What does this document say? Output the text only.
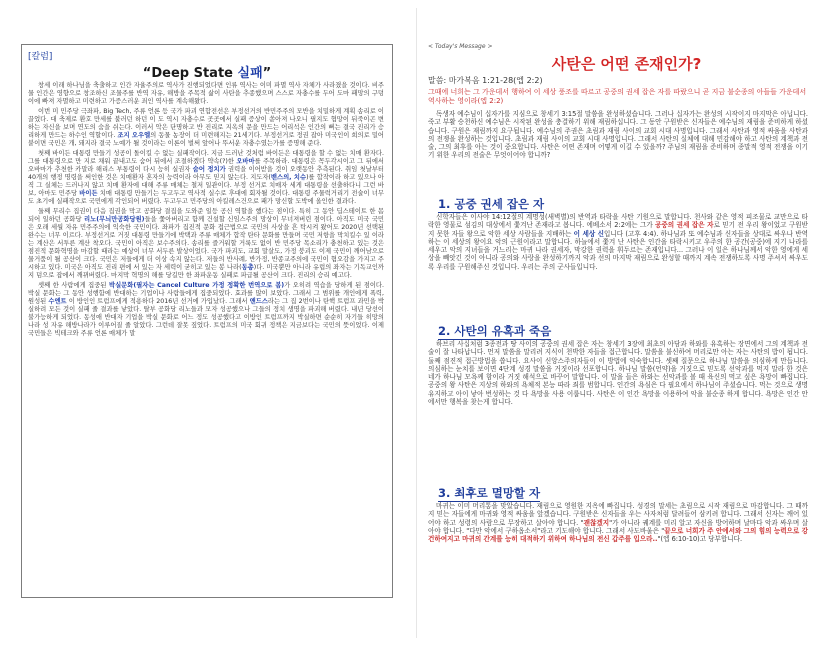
[칼럼]
“Deep State 실패”

창세 이래 하나님을 축출하고 인간 자율주의로 역사가 진행되었다면 인류 역사는 이미 파멸 역사 자체가 사라졌을 것이다. 비주물 인간은 영향으로 창조하신 조물주를 반역 자유, 해방을 주목적 삶이 사탄을 추종했으며 스스로 자충수를 두어 도마 패망의 구덩이에 빠져 자멸하고 미련하고 가증스러운 죄인 역사를 계속해왔다.

이번 미 민주당 극좌파, Big Tech, 주류 언론 등 국가 파괴 연합전선은 부정선거의 반민주주의 모반을 치밀하게 계획 송리로 이끌었다. 대 축제로 환호 만세를 불러던 하던 이 도 역시 자충수로 곳곳에서 실패 증상이 쏟아져 나오니 필지도 협망이 뒤죽이곤 변하는 자신을 보며 연도의 숨을 쉬는다. 이러서 악은 단명하고 반 진리로 지옥의 문을 만드는 어리석은 인간의 뻐는 결국 진리가 승리하게 만드는 하수인 역할이다. 조지 오우엘의 동물 농장이 더 미련해지는 21세기다. 부정선거로 정권 잡아 미국인이 희의로 밀어붙이면 국민은 개, 돼지라 결국 노예가 될 것이라는 이론이 벌써 앞어나 뚜서운 자충수였는가를 증명해 준다.

첫째 바이든 대통령 만들기 성공이 돌이킬 수 없는 실패작이다. 지금 드러난 것처럼 바이든은 대통령을 할 수 없는 치매 환자다. 그를 대통령으로 만 지로 채워 끝내고도 숨어 뒤에서 조절하겠다 약속(?)한 오바마를 주목하라. 대통령은 꼭두각시이고 그 뒤에서 오바마가 추천한 카말라 해리스 부통령이 다시 능히 실권자 숨어 정치가 권력을 이어받을 것이 오랫동안 추측된다. 취임 첫날부터 40개의 행정 명령을 써인한 것은 치매환자 혼자의 능력이라 아무도 믿지 않는다. 지도자(밴스의, 치슈)를 합작이라 하고 있으나 아직 그 실체는 드러나지 않고 치매 환자에 대해 주류 매체는 철저 일관이다. 부정 선거로 치매자 세게 대통령을 선출하다니 그런 바보, 아마도 민주당 바이든 치매 대통령 만들기는 두고두고 역사적 실수로 후대에 회자될 것이다. 대통령 주물럭거리기 전술이 너무도 초기에 실패작으로 국민에게 각인되어 버렸다. 두고두고 민주당의 아킬레스건으로 패가 망신할 도박에 올인한 결과다.

둘째 무리수 집권이 다음 집권을 막고 공화당 결집을 도와준 일등 공신 역할을 했다는 점이다. 특히 그 동안 딥스테이트 한 몸 되어 일하던 공화당 리노(무늬만공화당원)들을 쫓아버리고 함께 건설할 신임스주의 망상이 무너져버린 점이다. 아직도 미국 국민은 오래 세월 자유 민주주의에 익숙한 국민이다. 좌파가 집진적 문화 접근법으로 국민의 사상을 흔 탁시켜 왔어도 2020년 선택된 완수는 너무 이르다. 부정선거로 거짓 대통령 만들기에 박택과 주류 매체가 합작 탄타 문화를 만들며 국민 저항을 막치킬수 있 이라는 계산은 서투른 계산 착오다. 국민이 아직은 보수주의다. 송리를 즐거워할 거룩도 없이 반 민주당 목소리가 충천하고 있는 것은 점진적 문화혁명을 마감할 때라는 예상이 너무 서두른 발상이었다. 국가 파괴도, 교회 말살도, 가정 붕괴도 이제 국민이 깨어남으로 물거품이 될 공산이 크다. 국민은 저들에게 더 이상 속지 않는다. 저들의 반사례, 반가정, 반종교주의에 국민이 혐오감을 가지고 주시하고 있다. 미국은 아직도 진리 편에 서 있는 자 세력이 굳히고 있는 봉 나라(동총)다. 미국뿐만 아니라 유럽의 좌자는 기독교인까지 덤으로 잡에서 깨뀌버렸다. 마지막 혁명의 해를 당길만 한 좌파운동 실패로 파급될 공산이 크다. 진리의 승리 예고다.

셋째 한 사람에게 집중된 박실문화(필자는 Cancel Culture 가정 정확한 번역으로 봄)가 오히려 역습을 당하게 된 점이다. 박실 문화는 그 동안 성행함에 반대하는 기업이나 사람들에게 집중되었다. 효과를 많이 보았다. 그래서 그 범위를 개인에게 폭력, 원성된 수엔트 이 방인인 트럼프에게 적용하다 2016년 선거에 가입났다. 그래서 앤드스라는 그 집 2번이나 탄핵 트럼프 과민을 박실하려 모든 것이 실패 줄 결과를 낳았다. 탈부 공화당 리노들과 모자 성공했으나 그들의 정치 생명을 파괴해 버렸다. 내년 당선이 불가능하게 되었다. 동성애 반대자 기업을 박실 문화로 어느 정도 성공했다고 이방인 트럼프까지 박실하면 순순히 자기들 히망의 나라 성 자유 해방나라가 이루어질 줄 알았다. 그런데 잘못 짚었다. 트럼프의 미국 회귀 정책은 지금보다는 국민의 뜻이었다. 이제 국민들은 빅테크와 주류 언론 매체가 말

< Today's Message >
사탄은 어떤 존재인가?
말씀: 마가복음 1:21-28(엡 2:2)
그때에 너희는 그 가운데서 행하여 이 세상 풍조를 따르고 공중의 권세 잡은 자를 따랐으니 곧 지금 불순종의 아들들 가운데서 역사하는 영이라(엡 2:2)

독생자 예수님이 십자가를 지심으로 창세기 3:15절 말씀을 완성하셨습니다. 그러나 십자가는 완성의 시작이지 마지막은 아닙니다. 죽고 부활 승천하신 예수님은 시작된 완성을 충결하기 위해 재림하십니다. 그 동안 구원받은 신자들은 예수님의 재림을 준비하게 하셨습니다. 구원은 재림까지 요구됩니다. 예수님의 주권은 초림과 재림 사이의 교회 시대 사명입니다. 그래서 사탄과 영적 싸움을 사탄과의 전쟁을 완성하는 것입니다. 초림과 재림 사이의 교회 시대 사명입니다. 그래서 사탄의 실체에 대해 민감해야 하고 사탄의 계책과 전술, 그의 최후를 아는 것이 중요합니다. 사탄은 어떤 존재며 어떻게 이길 수 있을까? 주님의 재림을 준비하며 종말적 영적 전쟁을 이기기 위한 우리의 전술은 무엇이어야 합니까?

1. 공중 권세 잡은 자

신학자들은 이사야 14:12절의 계명성(새벽별)의 반역과 타락을 사탄 기원으로 말합니다. 천사와 같은 영적 피조물로 교만으로 타락한 영물로 섬김의 대상에서 쫓겨난 존재라고 봅니다. 에베소서 2:2에는 그가 공중의 권세 잡은 자로 믿기 전 우리 왕이었고 구원받지 못한 자들 왕으로 악한 세상 사람들을 지배하는 이 세상 신입니다 (고후 4:4). 하나님과 또 예수님과 신자들을 상대로 싸우나 반역하는 이 세상의 왕이요 악의 근원이라고 말합니다. 하늘에서 쫓겨 난 사탄은 인간을 타락시키고 우주의 한 공간(공중)에 지기 나라를 세우고 악의 지녀들을 거느리는 마귀 나라 권세자, 막강한 권력을 휘두르는 존재입니다... 그러나 이 일은 하나님께서 악한 영에게 세상을 빼앗긴 것이 아니라 공의와 사랑을 완성하기까지 악과 선의 마지막 재림으로 완성할 때까지 계속 전쟁하도록 사명 주셔서 싸우도록 우리를 구원해주신 것입니다. 우리는 주의 군사들입니다.

2. 사탄의 유혹과 죽음

하브리 사십처럼 3종전과 땅 사이의 공중의 권세 잡은 자는 창세기 3장에 최초의 아담과 하와를 유혹하는 장면에서 그의 계책과 전술이 잘 나타납니다. 먼저 말씀을 말리려 지식이 천박한 자들을 접근합니다. 말씀을 불신하여 머리로만 아는 자는 사탄의 밥이 됩니다. 둘째 점진적 접근방법을 씁니다. 요사이 신앙스주의자들이 이 방법에 익숙합니다. 셋째 질문으로 하나님 말씀을 의심하게 만듭니다. 의심하는 눈치를 보이면 4단계 성경 말씀을 거짓이라 선포합니다. 하나님 말씀(언약)을 거짓으로 믿도록 선악과를 먹지 말라 한 것은 네가 하나님 모욕께 함이라 거짓 해석으로 바꾸어 말합니다. 이 말을 들은 하와는 선악과를 볼 때 육신의 먹고 싶은 욕망이 빠집니다. 공중의 왕 사탄은 지상의 하와의 욕체적 본능 따라 죄를 범합니다. 인간의 욕심은 다 필요에서 하나님이 주셨습니다. 먹는 것으로 생명 유지하고 아이 낳아 번성하는 것 다 욕망을 사용 이룹니다. 사탄은 이 인간 욕망을 이용하여 악을 불순종 하게 합니다. 욕망은 인간 안에서만 행복을 찾는게 합니다.

3. 최후로 멸망할 자

마귀는 이미 머리통을 맞았습니다. 재림으로 영원한 지옥에 빠집니다. 성경의 말세는 초림으로 시작 재림으로 마감합니다. 그 때까지 믿는 자들에게 마귀와 영적 싸움을 앞겠습니다. 구원받은 신자들을 우는 사자처럼 달려들어 삼키려 합니다. 그래서 신자는 깨어 있어야 하고 성령의 사람으로 무장하고 살아야 합니다. "괜찮겠지"가 아니라 궤계를 미리 알고 자신을 방어하며 날마다 악과 싸우며 살아야 합니다. "다만 악에서 구하옵소서"라고 기도해야 합니다. 그래서 사도바울은 "끝으로 너희가 주 안에서와 그의 힘의 능력으로 강건하여지고 마귀의 간계를 능히 대적하기 위하여 하나님의 전신 갑주를 입으라.."(엡 6:10-10)고 당부합니다.
